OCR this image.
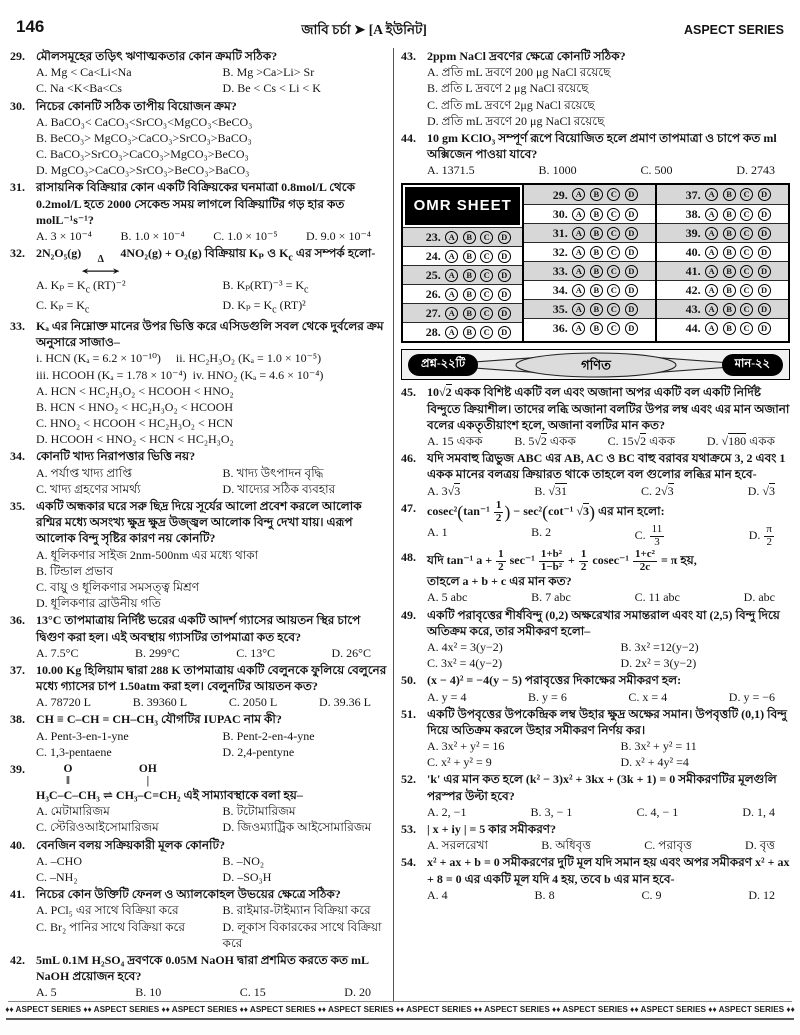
146	জাবি চর্চা ➤ [A ইউনিট]	ASPECT SERIES
29. মৌলসমূহের তড়িৎ ঋণাত্মকতার কোন ক্রমটি সঠিক?
A. Mg < Ca<Li<Na	B. Mg >Ca>Li> Sr
C. Na <K<Ba<Cs	D. Be < Cs < Li < K
30. নিচের কোনটি সঠিক তাপীয় বিয়োজন ক্রম?
A. BaCO₃< CaCO₃<SrCO₃<MgCO₃<BeCO₃
B. BeCO₃> MgCO₃>CaCO₃>SrCO₃>BaCO₃
C. BaCO₃>SrCO₃>CaCO₃>MgCO₃>BeCO₃
D. MgCO₃>CaCO₃>SrCO₃>BeCO₃>BaCO₃
31. রাসায়নিক বিক্রিয়ার কোন একটি বিক্রিয়কের ঘনমাত্রা 0.8mol/L থেকে 0.2mol/L হতে 2000 সেকেন্ড সময় লাগলে বিক্রিয়াটির গড় হার কত molL⁻¹s⁻¹?
A. 3 × 10⁻⁴ B. 1.0 × 10⁻⁴ C. 1.0 × 10⁻⁵ D. 9.0 × 10⁻⁴
32. 2N₂O₅(g) Δ
⟷
4NO₂(g) + O₂(g) বিক্রিয়ায় Kₚ ও $K_c$ এর সম্পর্ক হলো-
A. $K_p = K_c$ (RT)⁻²	B. $K_p(RT)^{-3} = K_c$
C. $K_p = K_c$	D. $K_p = K_c$ (RT)²
33. Kₐ এর নিম্নোক্ত মানের উপর ভিত্তি করে এসিডগুলি সবল থেকে দুর্বলের ক্রম অনুসারে সাজাও–
i. HCN (Kₐ = 6.2 × 10⁻¹⁰)     ii. HC₂H₃O₂ (Kₐ = 1.0 × 10⁻⁵)
iii. HCOOH (Kₐ = 1.78 × 10⁻⁴)  iv. HNO₂ (Kₐ = 4.6 × 10⁻⁴)
A. HCN < HC₂H₃O₂ < HCOOH < HNO₂
B. HCN < HNO₂ < HC₂H₃O₂ < HCOOH
C. HNO₂ < HCOOH < HC₂H₃O₂ < HCN
D. HCOOH < HNO₂ < HCN < HC₂H₃O₂
34. কোনটি খাদ্য নিরাপত্তার ভিত্তি নয়?
A. পর্যাপ্ত খাদ্য প্রাপ্তি	B. খাদ্য উৎপাদন বৃদ্ধি
C. খাদ্য গ্রহণের সামর্থ্য	D. খাদ্যের সঠিক ব্যবহার
35. একটি অন্ধকার ঘরে সরু ছিদ্র দিয়ে সূর্যের আলো প্রবেশ করলে আলোক রশ্মির মধ্যে অসংখ্য ক্ষুদ্র ক্ষুদ্র উজ্জ্বল আলোক বিন্দু দেখা যায়। এরূপ আলোক বিন্দু সৃষ্টির কারণ নয় কোনটি?
A. ধূলিকণার সাইজ 2nm-500nm এর মধ্যে থাকা
B. টিন্ডাল প্রভাব
C. বায়ু ও ধূলিকণার সমসত্ত্ব মিশ্রণ
D. ধূলিকণার ব্রাউনীয় গতি
36. 13°C তাপমাত্রায় নির্দিষ্ট ভরের একটি আদর্শ গ্যাসের আয়তন স্থির চাপে দ্বিগুণ করা হল। এই অবস্থায় গ্যাসটির তাপমাত্রা কত হবে?
A. 7.5°C	B. 299°C	C. 13°C	D. 26°C
37. 10.00 Kg হিলিয়াম দ্বারা 288 K তাপমাত্রায় একটি বেলুনকে ফুলিয়ে বেলুনের মধ্যে গ্যাসের চাপ 1.50atm করা হল। বেলুনটির আয়তন কত?
A. 78720 L	B. 39360 L	C. 2050 L	D. 39.36 L
38. CH ≡ C–CH = CH–CH₃ যৌগটির IUPAC নাম কী?
A. Pent-3-en-1-yne	B. Pent-2-en-4-yne
C. 1,3-pentaene	D. 2,4-pentyne
39.
H₃C–C
O
‖
–CH₃ ⇌ CH₃–C
OH
|
=CH₂ এই সাম্যাবস্থাকে বলা হয়–
A. মেটামারিজম	B. টটোমারিজম
C. স্টেরিওআইসোমারিজম	D. জিওম্যাট্রিক আইসোমারিজম
40. বেনজিন বলয় সক্রিয়কারী মূলক কোনটি?
A. –CHO	B. –NO₂
C. –NH₂	D. –SO₃H
41. নিচের কোন উক্তিটি ফেনল ও অ্যালকোহল উভয়ের ক্ষেত্রে সঠিক?
A. PCl₅ এর সাথে বিক্রিয়া করে	B. রাইমার-টাইম্যান বিক্রিয়া করে
C. Br₂ পানির সাথে বিক্রিয়া করে	D. লূকাস বিকারকের সাথে বিক্রিয়া করে
42. 5mL 0.1M H₂SO₄ দ্রবণকে 0.05M NaOH দ্বারা প্রশমিত করতে কত mL NaOH প্রয়োজন হবে?
A. 5	B. 10	C. 15	D. 20
43. 2ppm NaCl দ্রবণের ক্ষেত্রে কোনটি সঠিক?
A. প্রতি mL দ্রবণে 200 μg NaCl রয়েছে
B. প্রতি L দ্রবণে 2 μg NaCl রয়েছে
C. প্রতি mL দ্রবণে 2μg NaCl রয়েছে
D. প্রতি mL দ্রবণে 20 μg NaCl রয়েছে
44. 10 gm KClO₃ সম্পূর্ণ রূপে বিয়োজিত হলে প্রমাণ তাপমাত্রা ও চাপে কত ml অক্সিজেন পাওয়া যাবে?
A. 1371.5	B. 1000	C. 500	D. 2743
OMR SHEET
23. A	B	C	D
24. A	B	C	D
25. A	B	C	D
26. A	B	C	D
27. A	B	C	D
28. A	B	C	D
29. A	B	C	D
30. A	B	C	D
31. A	B	C	D
32. A	B	C	D
33. A	B	C	D
34. A	B	C	D
35. A	B	C	D
36. A	B	C	D
37. A	B	C	D
38. A	B	C	D
39. A	B	C	D
40. A	B	C	D
41. A	B	C	D
42. A	B	C	D
43. A	B	C	D
44. A	B	C	D
প্রশ্ন-২২টি	গণিত	মান-২২
45. 10√2 একক বিশিষ্ট একটি বল এবং অজানা অপর একটি বল একটি নির্দিষ্ট বিন্দুতে ক্রিয়াশীল। তাদের লব্ধি অজানা বলটির উপর লম্ব এবং এর মান অজানা বলের একতৃতীয়াংশ হলে, অজানা বলটির মান কত?
A. 15 একক	B. 5√2 একক	C. 15√2 একক	D. √180 একক
46. যদি সমবাহু ত্রিভুজ ABC এর AB, AC ও BC বাহু বরাবর যথাক্রমে 3, 2 এবং 1 একক মানের বলত্রয় ক্রিয়ারত থাকে তাহলে বল গুলোর লব্ধির মান হবে-
A. 3√3	B. √31	C. 2√3	D. √3
47. $cosec^2(\tan^{-1} \frac{1}{2}$ ) − sec²(cot⁻¹ √3) এর মান হলো:
A. 1	B. 2	C. $\frac{11}{3}$	D. $\frac{\pi}{2}$
48. যদি tan⁻¹ $a + \frac{1}{2} \sec^{-1} \frac{\text{1+b²}}{\text{1−b²}} + \frac{1}{2} cosec^{-1} \frac{\text{1+c²}}{2c} = \pi$ হয়,
তাহলে a + b + c এর মান কত?
A. 5 abc	B. 7 abc	C. 11 abc	D. abc
49. একটি পরাবৃত্তের শীর্ষবিন্দু (0,2) অক্ষরেখার সমান্তরাল এবং যা (2,5) বিন্দু দিয়ে অতিক্রম করে, তার সমীকরণ হলো–
A. 4x² = 3(y−2)	B. 3x² =12(y−2)
C. 3x² = 4(y−2)	D. 2x² = 3(y−2)
50. (x − 4)² = −4(y − 5) পরাবৃত্তের দিকাক্ষের সমীকরণ হল:
A. y = 4	B. y = 6	C. x = 4	D. y = −6
51. একটি উপবৃত্তের উপকেন্দ্রিক লম্ব উহার ক্ষুদ্র অক্ষের সমান। উপবৃত্তটি (0,1) বিন্দু দিয়ে অতিক্রম করলে উহার সমীকরণ নির্ণয় কর।
A. 3x² + y² = 16	B. 3x² + y² = 11
C. x² + y² = 9	D. x² + 4y² =4
52. 'k' এর মান কত হলে (k² − 3)x² + 3kx + (3k + 1) = 0 সমীকরণটির মূলগুলি পরস্পর উল্টা হবে?
A. 2, −1	B. 3, − 1	C. 4, − 1	D. 1, 4
53. | x + iy | = 5 কার সমীকরণ?
A. সরলরেখা	B. অধিবৃত্ত	C. পরাবৃত্ত	D. বৃত্ত
54. x² + ax + b = 0 সমীকরণের দুটি মূল যদি সমান হয় এবং অপর সমীকরণ x² + ax + 8 = 0 এর একটি মূল যদি 4 হয়, তবে b এর মান হবে-
A. 4	B. 8	C. 9	D. 12
♦♦ ASPECT SERIES ♦♦ ASPECT SERIES ♦♦ ASPECT SERIES ♦♦ ASPECT SERIES ♦♦ ASPECT SERIES ♦♦ ASPECT SERIES ♦♦ ASPECT SERIES ♦♦ ASPECT SERIES ♦♦ ASPECT SERIES ♦♦ ASPECT SERIES ♦♦
